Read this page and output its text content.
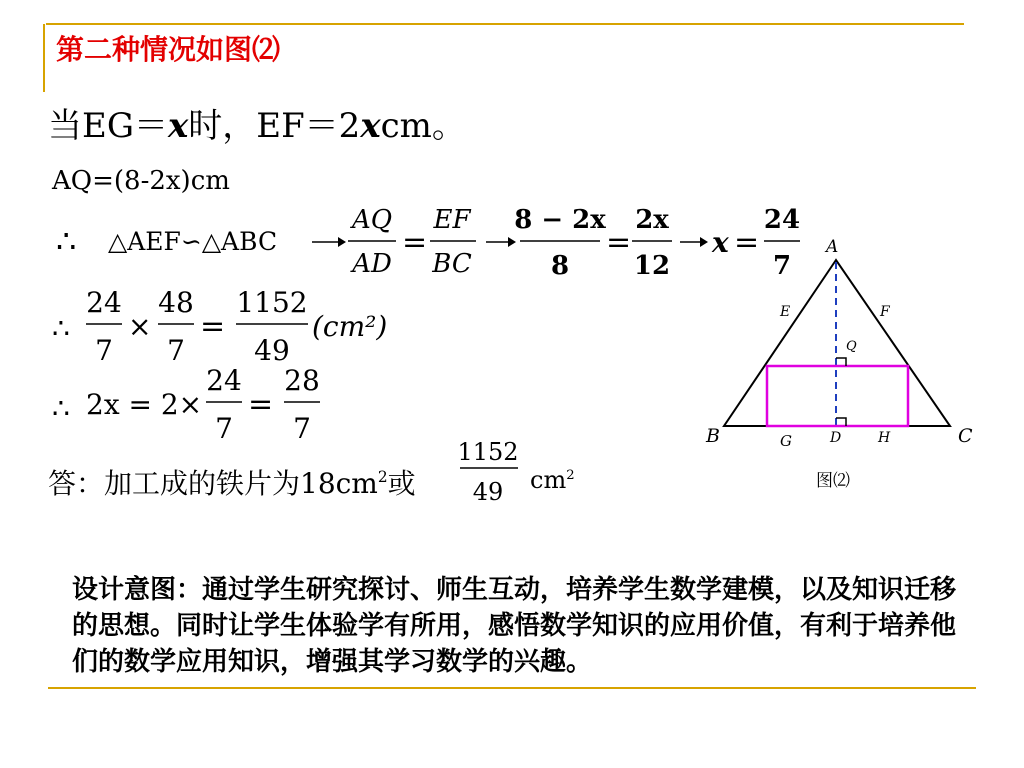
第二种情况如图⑵
当EG＝x时，EF＝2xcm。
AQ=(8-2x)cm
∴ △AEF∽△ABC
AQ
AD
=
EF
BC
8 − 2x
8
=
2x
12
x =
24
7
∴
24
7
×
48
7
=
1152
49
(cm²)
∴ 2x = 2×
24
7
=
28
7
1152
49
A
B	C
D
E	F
G	H
Q
图⑵
答：加工成的铁片为$18cm^2$或	$cm^2$
设计意图：通过学生研究探讨、师生互动，培养学生数学建模，以及知识迁移的思想。同时让学生体验学有所用，感悟数学知识的应用价值，有利于培养他们的数学应用知识，增强其学习数学的兴趣。
